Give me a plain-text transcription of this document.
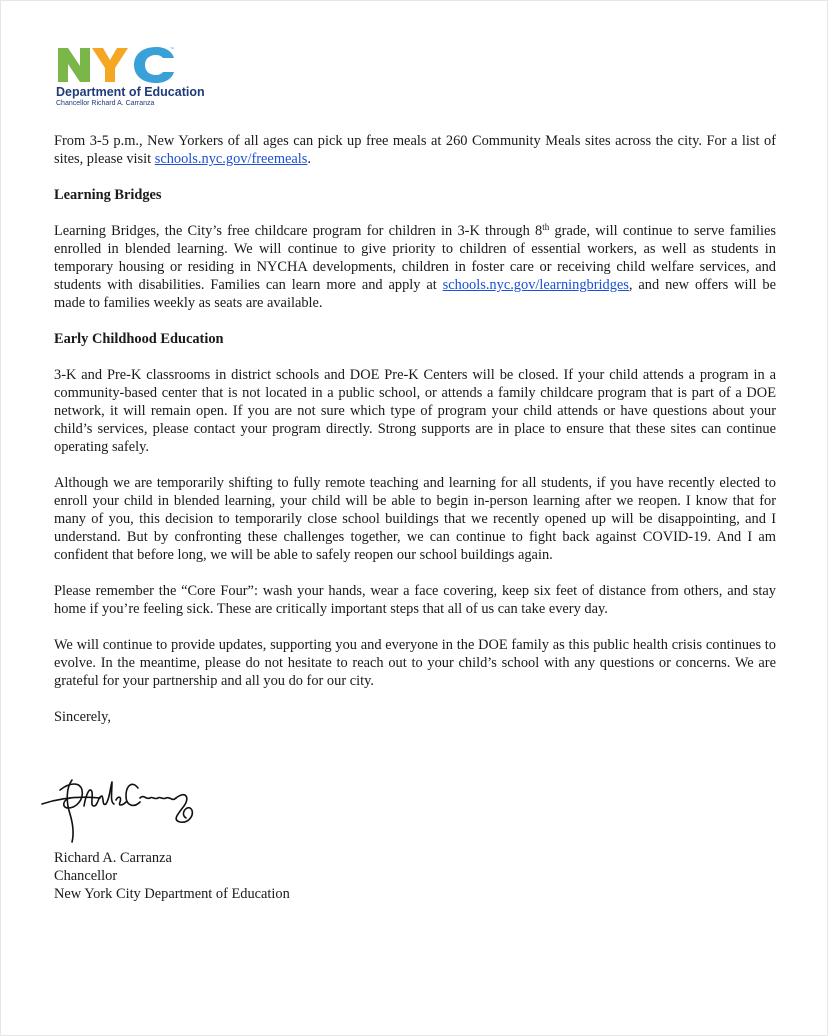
™
Department of Education
Chancellor Richard A. Carranza

From 3-5 p.m., New Yorkers of all ages can pick up free meals at 260 Community Meals sites across the city. For a list of sites, please visit schools.nyc.gov/freemeals.

Learning Bridges

Learning Bridges, the City’s free childcare program for children in 3-K through 8th grade, will continue to serve families enrolled in blended learning. We will continue to give priority to children of essential workers, as well as students in temporary housing or residing in NYCHA developments, children in foster care or receiving child welfare services, and students with disabilities. Families can learn more and apply at schools.nyc.gov/learningbridges, and new offers will be made to families weekly as seats are available.

Early Childhood Education

3-K and Pre-K classrooms in district schools and DOE Pre-K Centers will be closed. If your child attends a program in a community-based center that is not located in a public school, or attends a family childcare program that is part of a DOE network, it will remain open. If you are not sure which type of program your child attends or have questions about your child’s services, please contact your program directly. Strong supports are in place to ensure that these sites can continue operating safely.

Although we are temporarily shifting to fully remote teaching and learning for all students, if you have recently elected to enroll your child in blended learning, your child will be able to begin in-person learning after we reopen. I know that for many of you, this decision to temporarily close school buildings that we recently opened up will be disappointing, and I understand. But by confronting these challenges together, we can continue to fight back against COVID-19. And I am confident that before long, we will be able to safely reopen our school buildings again.

Please remember the “Core Four”: wash your hands, wear a face covering, keep six feet of distance from others, and stay home if you’re feeling sick. These are critically important steps that all of us can take every day.

We will continue to provide updates, supporting you and everyone in the DOE family as this public health crisis continues to evolve. In the meantime, please do not hesitate to reach out to your child’s school with any questions or concerns. We are grateful for your partnership and all you do for our city.

Sincerely,

Richard A. Carranza
Chancellor
New York City Department of Education
